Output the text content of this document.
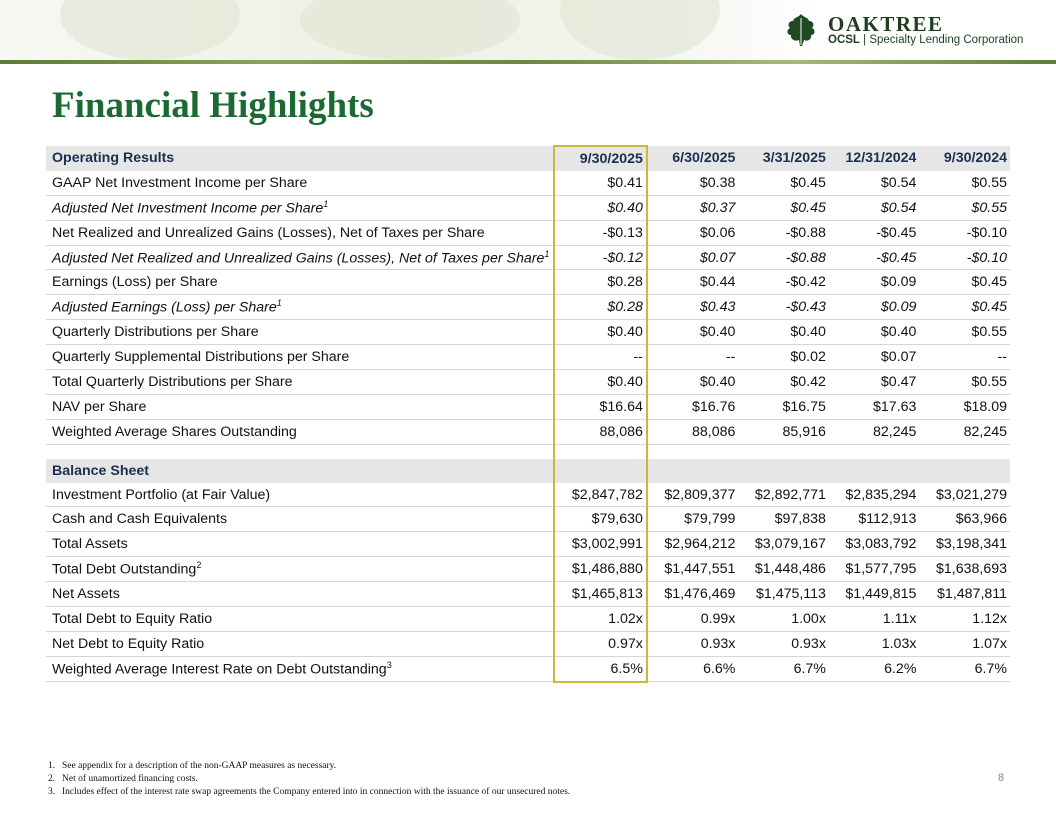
OAKTREE
OCSL | Specialty Lending Corporation
Financial Highlights
Operating Results	9/30/2025	6/30/2025	3/31/2025	12/31/2024	9/30/2024
GAAP Net Investment Income per Share	$0.41	$0.38	$0.45	$0.54	$0.55
Adjusted Net Investment Income per Share$^1$	$0.40	$0.37	$0.45	$0.54	$0.55
Net Realized and Unrealized Gains (Losses), Net of Taxes per Share	-$0.13	$0.06	-$0.88	-$0.45	-$0.10
Adjusted Net Realized and Unrealized Gains (Losses), Net of Taxes per Share$^1$	-$0.12	$0.07	-$0.88	-$0.45	-$0.10
Earnings (Loss) per Share	$0.28	$0.44	-$0.42	$0.09	$0.45
Adjusted Earnings (Loss) per Share$^1$	$0.28	$0.43	-$0.43	$0.09	$0.45
Quarterly Distributions per Share	$0.40	$0.40	$0.40	$0.40	$0.55
Quarterly Supplemental Distributions per Share	--	--	$0.02	$0.07	--
Total Quarterly Distributions per Share	$0.40	$0.40	$0.42	$0.47	$0.55
NAV per Share	$16.64	$16.76	$16.75	$17.63	$18.09
Weighted Average Shares Outstanding	88,086	88,086	85,916	82,245	82,245

Balance Sheet					
Investment Portfolio (at Fair Value)	$2,847,782	$2,809,377	$2,892,771	$2,835,294	$3,021,279
Cash and Cash Equivalents	$79,630	$79,799	$97,838	$112,913	$63,966
Total Assets	$3,002,991	$2,964,212	$3,079,167	$3,083,792	$3,198,341
Total Debt Outstanding$^2$	$1,486,880	$1,447,551	$1,448,486	$1,577,795	$1,638,693
Net Assets	$1,465,813	$1,476,469	$1,475,113	$1,449,815	$1,487,811
Total Debt to Equity Ratio	1.02x	0.99x	1.00x	1.11x	1.12x
Net Debt to Equity Ratio	0.97x	0.93x	0.93x	1.03x	1.07x
Weighted Average Interest Rate on Debt Outstanding$^3$	6.5%	6.6%	6.7%	6.2%	6.7%
1. See appendix for a description of the non-GAAP measures as necessary.
2. Net of unamortized financing costs.
3. Includes effect of the interest rate swap agreements the Company entered into in connection with the issuance of our unsecured notes.
8
